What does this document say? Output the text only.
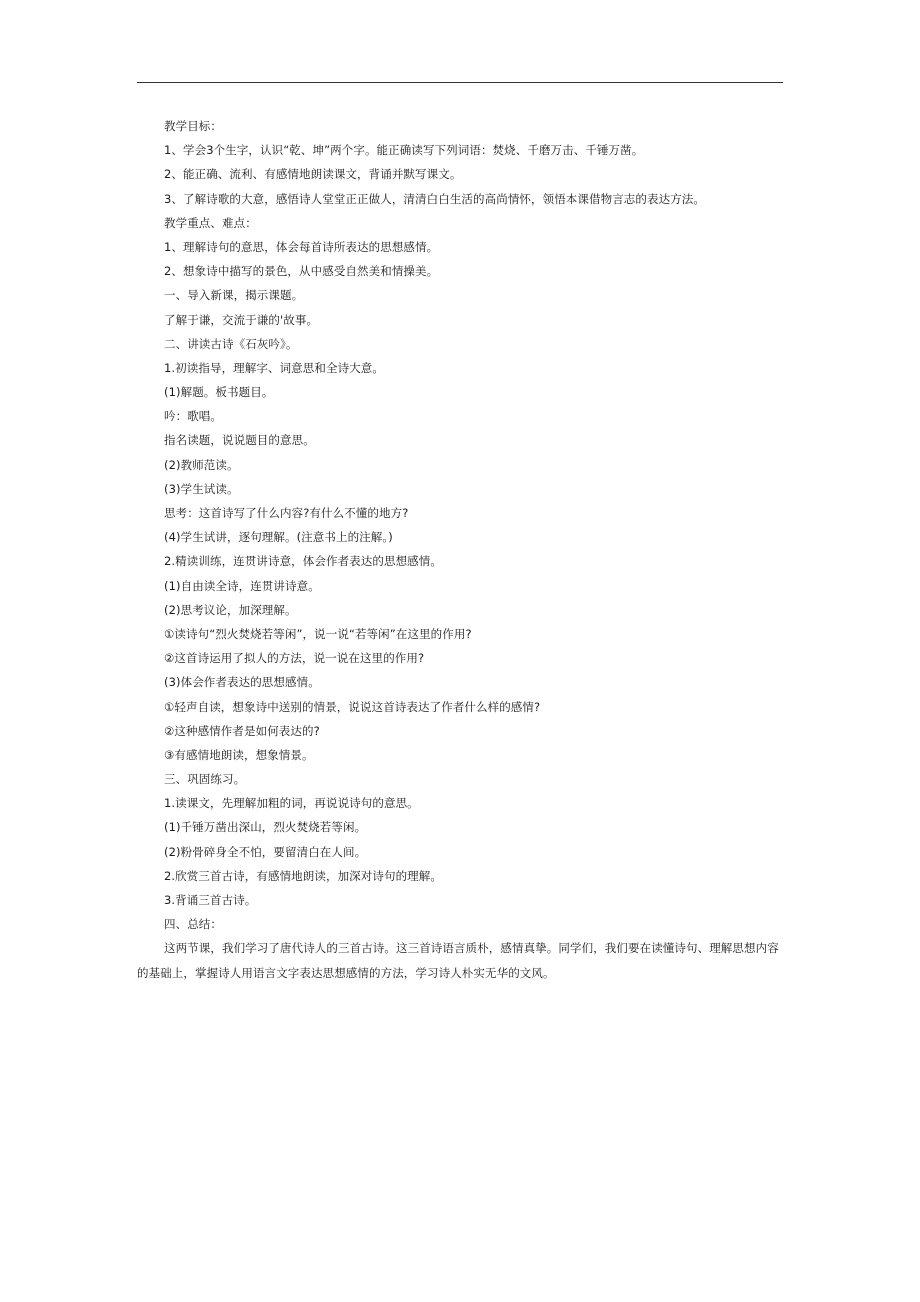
教学目标：
1、学会3个生字，认识“乾、坤”两个字。能正确读写下列词语：焚烧、千磨万击、千锤万凿。
2、能正确、流利、有感情地朗读课文，背诵并默写课文。
3、了解诗歌的大意，感悟诗人堂堂正正做人，清清白白生活的高尚情怀，领悟本课借物言志的表达方法。
教学重点、难点：
1、理解诗句的意思，体会每首诗所表达的思想感情。
2、想象诗中描写的景色，从中感受自然美和情操美。
一、导入新课，揭示课题。
了解于谦，交流于谦的'故事。
二、讲读古诗《石灰吟》。
1.初读指导，理解字、词意思和全诗大意。
(1)解题。板书题目。
吟：歌唱。
指名读题，说说题目的意思。
(2)教师范读。
(3)学生试读。
思考：这首诗写了什么内容?有什么不懂的地方?
(4)学生试讲，逐句理解。(注意书上的注解。)
2.精读训练，连贯讲诗意，体会作者表达的思想感情。
(1)自由读全诗，连贯讲诗意。
(2)思考议论，加深理解。
①读诗句“烈火焚烧若等闲”，说一说“若等闲”在这里的作用?
②这首诗运用了拟人的方法，说一说在这里的作用?
(3)体会作者表达的思想感情。
①轻声自读，想象诗中送别的情景，说说这首诗表达了作者什么样的感情?
②这种感情作者是如何表达的?
③有感情地朗读，想象情景。
三、巩固练习。
1.读课文，先理解加粗的词，再说说诗句的意思。
(1)千锤万凿出深山，烈火焚烧若等闲。
(2)粉骨碎身全不怕，要留清白在人间。
2.欣赏三首古诗，有感情地朗读，加深对诗句的理解。
3.背诵三首古诗。
四、总结：

这两节课，我们学习了唐代诗人的三首古诗。这三首诗语言质朴，感情真挚。同学们，我们要在读懂诗句、理解思想内容的基础上，掌握诗人用语言文字表达思想感情的方法，学习诗人朴实无华的文风。
